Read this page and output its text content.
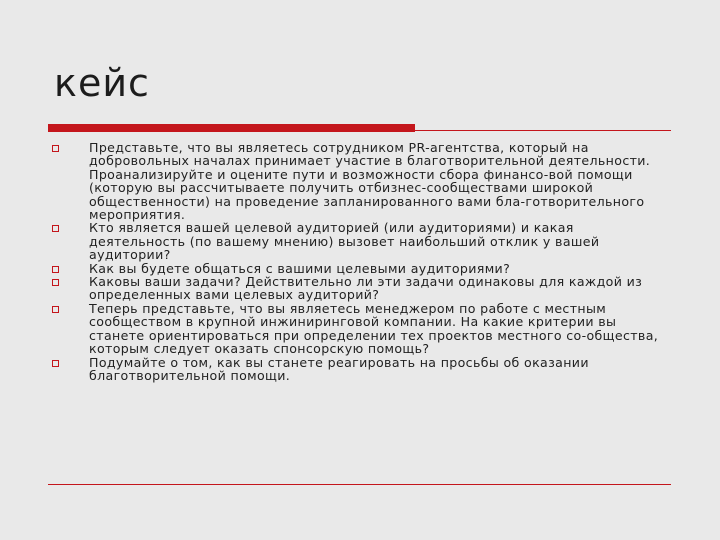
кейс
Представьте, что вы являетесь сотрудником PR-агентства, который на добровольных началах принимает участие в благотворительной деятельности. Проанализируйте и оцените пути и возможности сбора финансо-вой помощи (которую вы рассчитываете получить отбизнес-сообществами широкой общественности) на проведение запланированного вами бла-готворительного мероприятия.
Кто является вашей целевой аудиторией (или аудиториями) и какая деятельность (по вашему мнению) вызовет наибольший отклик у вашей аудитории?
Как вы будете общаться с вашими целевыми аудиториями?
Каковы ваши задачи? Действительно ли эти задачи одинаковы для каждой из определенных вами целевых аудиторий?
Теперь представьте, что вы являетесь менеджером по работе с местным сообществом в крупной инжиниринговой компании. На какие критерии вы станете ориентироваться при определении тех проектов местного со-общества, которым следует оказать спонсорскую помощь?
Подумайте о том, как вы станете реагировать на просьбы об оказании благотворительной помощи.
